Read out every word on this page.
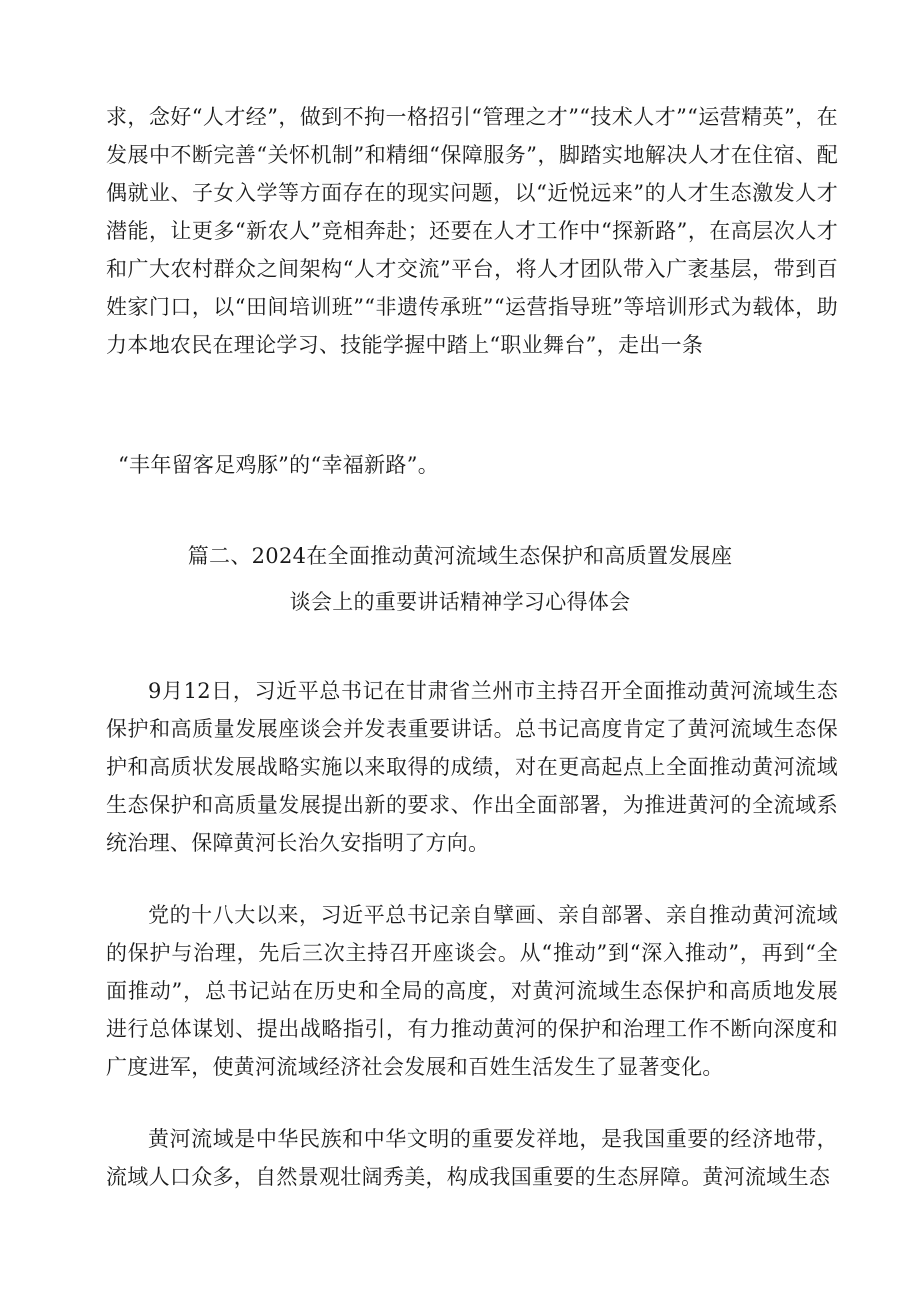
求，念好“人才经”，做到不拘一格招引“管理之才”“技术人才”“运营精英”，在发展中不断完善“关怀机制”和精细“保障服务”，脚踏实地解决人才在住宿、配偶就业、子女入学等方面存在的现实问题，以“近悦远来”的人才生态激发人才潜能，让更多“新农人”竞相奔赴；还要在人才工作中“探新路”，在高层次人才和广大农村群众之间架构“人才交流”平台，将人才团队带入广袤基层，带到百姓家门口，以“田间培训班”“非遗传承班”“运营指导班”等培训形式为载体，助力本地农民在理论学习、技能学握中踏上“职业舞台”，走出一条

“丰年留客足鸡豚”的“幸福新路”。

篇二、2024在全面推动黄河流域生态保护和高质置发展座

谈会上的重要讲话精神学习心得体会

9月12日，习近平总书记在甘肃省兰州市主持召开全面推动黄河流域生态保护和高质量发展座谈会并发表重要讲话。总书记高度肯定了黄河流域生态保护和高质状发展战略实施以来取得的成绩，对在更高起点上全面推动黄河流域生态保护和高质量发展提出新的要求、作出全面部署，为推进黄河的全流域系统治理、保障黄河长治久安指明了方向。

党的十八大以来，习近平总书记亲自擘画、亲自部署、亲自推动黄河流域的保护与治理，先后三次主持召开座谈会。从“推动”到“深入推动”，再到“全面推动”，总书记站在历史和全局的高度，对黄河流域生态保护和高质地发展进行总体谋划、提出战略指引，有力推动黄河的保护和治理工作不断向深度和广度进军，使黄河流域经济社会发展和百姓生活发生了显著变化。

黄河流域是中华民族和中华文明的重要发祥地，是我国重要的经济地带，流域人口众多，自然景观壮阔秀美，构成我国重要的生态屏障。黄河流域生态
